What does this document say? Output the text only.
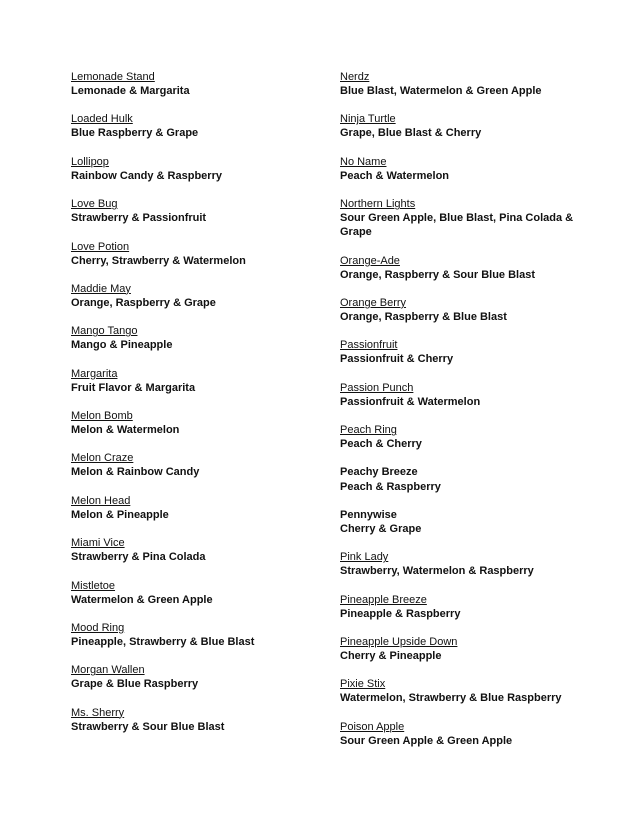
Lemonade Stand
Lemonade & Margarita
Loaded Hulk
Blue Raspberry & Grape
Lollipop
Rainbow Candy & Raspberry
Love Bug
Strawberry & Passionfruit
Love Potion
Cherry, Strawberry & Watermelon
Maddie May
Orange, Raspberry & Grape
Mango Tango
Mango & Pineapple
Margarita
Fruit Flavor & Margarita
Melon Bomb
Melon & Watermelon
Melon Craze
Melon & Rainbow Candy
Melon Head
Melon & Pineapple
Miami Vice
Strawberry & Pina Colada
Mistletoe
Watermelon & Green Apple
Mood Ring
Pineapple, Strawberry & Blue Blast
Morgan Wallen
Grape & Blue Raspberry
Ms. Sherry
Strawberry & Sour Blue Blast
Nerdz
Blue Blast, Watermelon & Green Apple
Ninja Turtle
Grape, Blue Blast & Cherry
No Name
Peach & Watermelon
Northern Lights
Sour Green Apple, Blue Blast, Pina Colada & Grape
Orange-Ade
Orange, Raspberry & Sour Blue Blast
Orange Berry
Orange, Raspberry & Blue Blast
Passionfruit
Passionfruit & Cherry
Passion Punch
Passionfruit & Watermelon
Peach Ring
Peach & Cherry
Peachy Breeze
Peach & Raspberry
Pennywise
Cherry & Grape
Pink Lady
Strawberry, Watermelon & Raspberry
Pineapple Breeze
Pineapple & Raspberry
Pineapple Upside Down
Cherry & Pineapple
Pixie Stix
Watermelon, Strawberry & Blue Raspberry
Poison Apple
Sour Green Apple & Green Apple
